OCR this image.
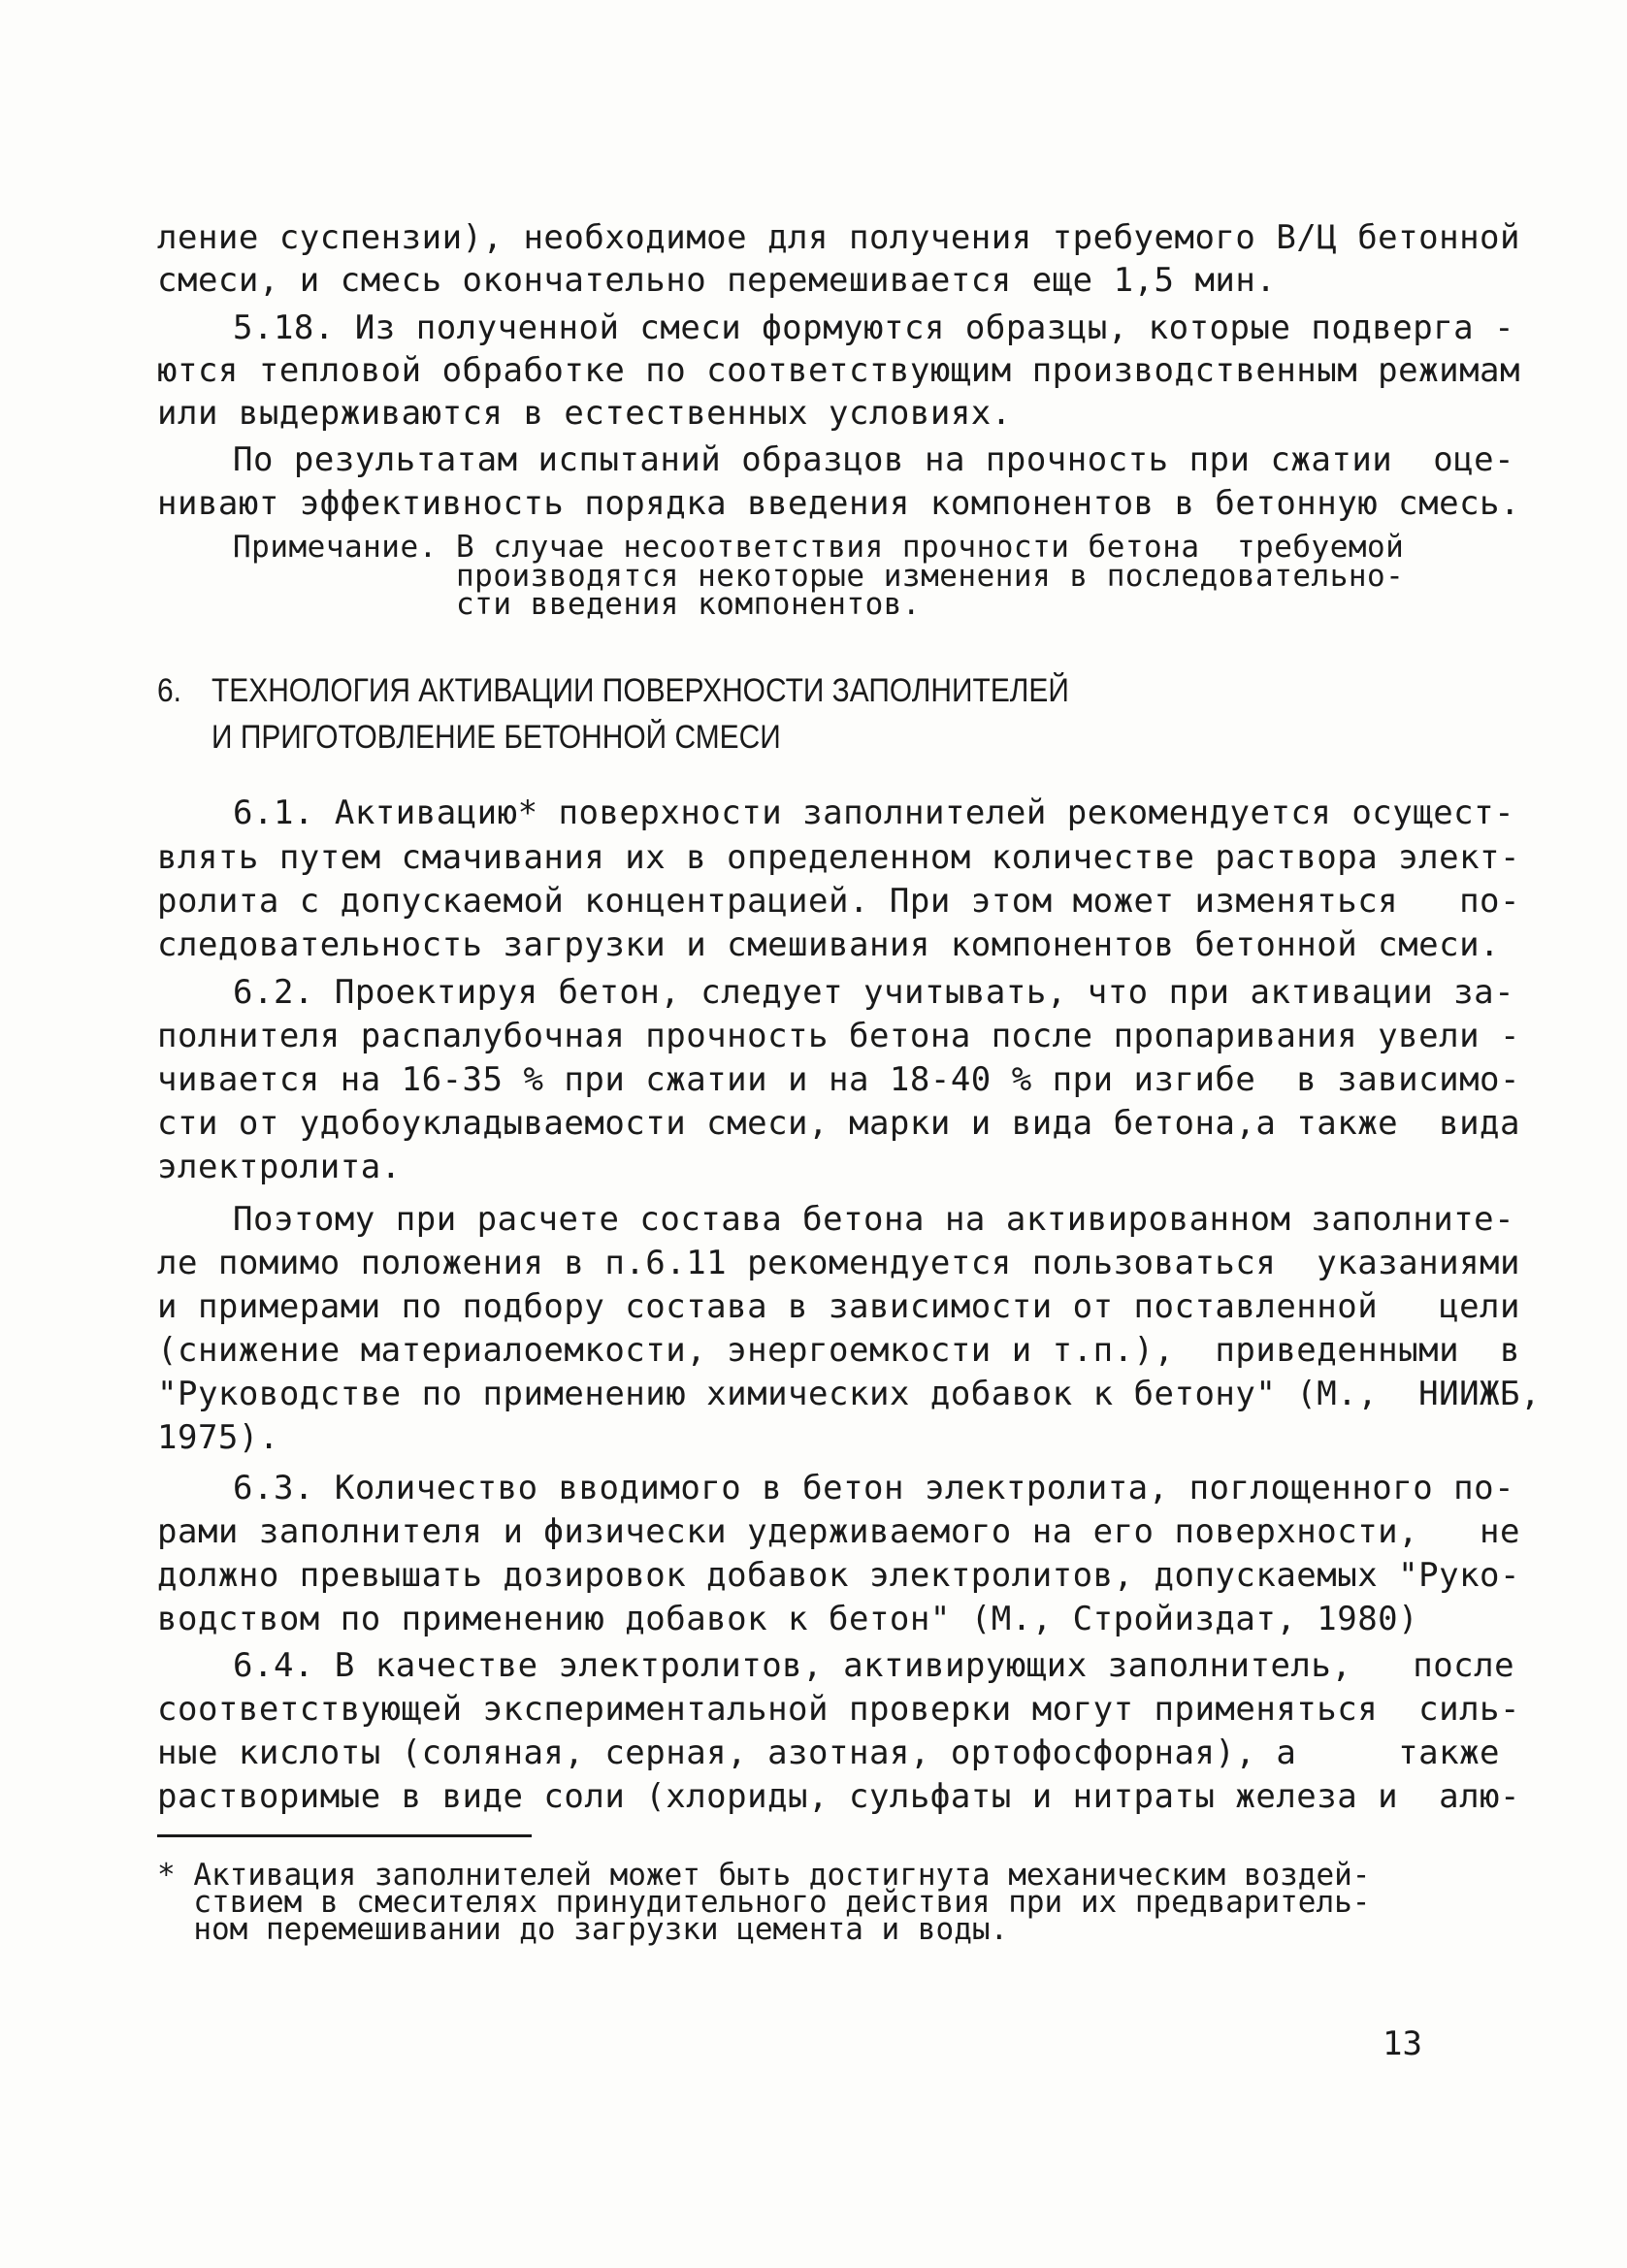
ление суспензии), необходимое для получения требуемого В/Ц бетонной
смеси, и смесь окончательно перемешивается еще 1,5 мин.
5.18. Из полученной смеси формуются образцы, которые подверга -
ются тепловой обработке по соответствующим производственным режимам
или выдерживаются в естественных условиях.
По результатам испытаний образцов на прочность при сжатии  оце-
нивают эффективность порядка введения компонентов в бетонную смесь.
Примечание. В случае несоответствия прочности бетона  требуемой
производятся некоторые изменения в последовательно-
сти введения компонентов.
6. ТЕХНОЛОГИЯ АКТИВАЦИИ ПОВЕРХНОСТИ ЗАПОЛНИТЕЛЕЙ
И ПРИГОТОВЛЕНИЕ БЕТОННОЙ СМЕСИ
6.1. Активацию* поверхности заполнителей рекомендуется осущест-
влять путем смачивания их в определенном количестве раствора элект-
ролита с допускаемой концентрацией. При этом может изменяться   по-
следовательность загрузки и смешивания компонентов бетонной смеси.
6.2. Проектируя бетон, следует учитывать, что при активации за-
полнителя распалубочная прочность бетона после пропаривания увели -
чивается на 16-35 % при сжатии и на 18-40 % при изгибе  в зависимо-
сти от удобоукладываемости смеси, марки и вида бетона,а также  вида
электролита.
Поэтому при расчете состава бетона на активированном заполните-
ле помимо положения в п.6.11 рекомендуется пользоваться  указаниями
и примерами по подбору состава в зависимости от поставленной   цели
(снижение материалоемкости, энергоемкости и т.п.),  приведенными  в
"Руководстве по применению химических добавок к бетону" (М.,  НИИЖБ,
1975).
6.3. Количество вводимого в бетон электролита, поглощенного по-
рами заполнителя и физически удерживаемого на его поверхности,   не
должно превышать дозировок добавок электролитов, допускаемых "Руко-
водством по применению добавок к бетон" (М., Стройиздат, 1980)
6.4. В качестве электролитов, активирующих заполнитель,   после
соответствующей экспериментальной проверки могут применяться  силь-
ные кислоты (соляная, серная, азотная, ортофосфорная), а     также
растворимые в виде соли (хлориды, сульфаты и нитраты железа и  алю-
* Активация заполнителей может быть достигнута механическим воздей-
ствием в смесителях принудительного действия при их предваритель-
ном перемешивании до загрузки цемента и воды.
13
